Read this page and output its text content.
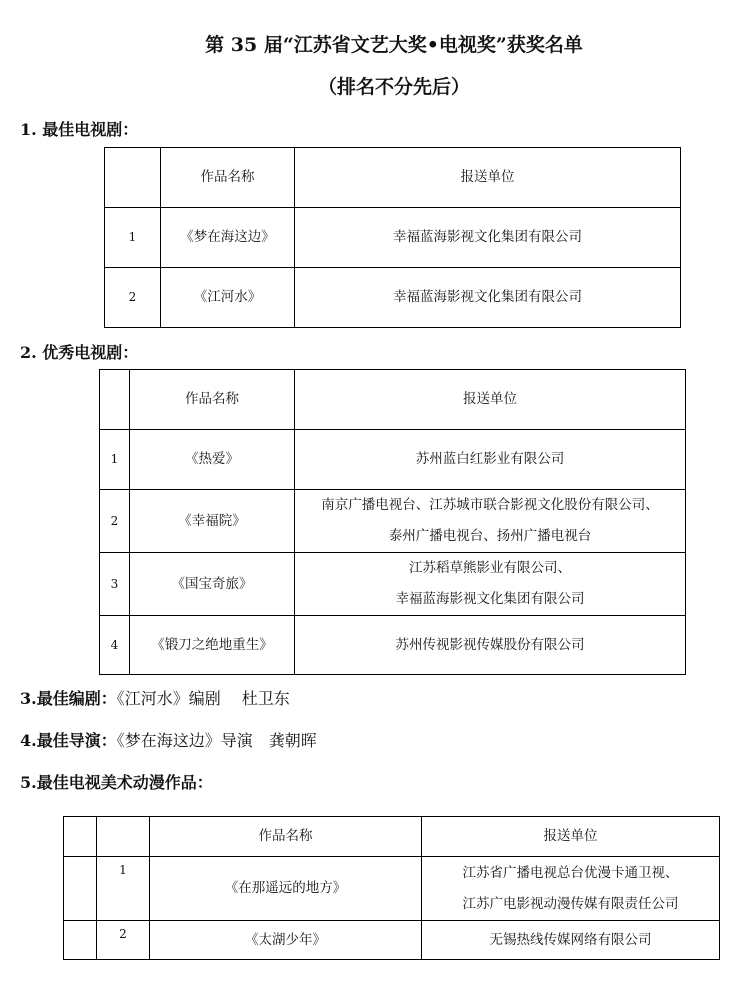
第 35 届“江苏省文艺大奖•电视奖”获奖名单
（排名不分先后）
1. 最佳电视剧：
	作品名称	报送单位
1	《梦在海这边》	幸福蓝海影视文化集团有限公司
2	《江河水》	幸福蓝海影视文化集团有限公司
2. 优秀电视剧：
	作品名称	报送单位
1	《热爱》	苏州蓝白红影业有限公司

2	《幸福院》	南京广播电视台、江苏城市联合影视文化股份有限公司、
泰州广播电视台、扬州广播电视台

3	《国宝奇旅》	江苏稻草熊影业有限公司、
幸福蓝海影视文化集团有限公司

4	《锻刀之绝地重生》	苏州传视影视传媒股份有限公司
3.最佳编剧：《江河水》编剧　 杜卫东
4.最佳导演：《梦在海这边》导演　龚朝晖
5.最佳电视美术动漫作品：
		作品名称	报送单位
	1	《在那遥远的地方》	江苏省广播电视总台优漫卡通卫视、
江苏广电影视动漫传媒有限责任公司

	2	《太湖少年》	无锡热线传媒网络有限公司
